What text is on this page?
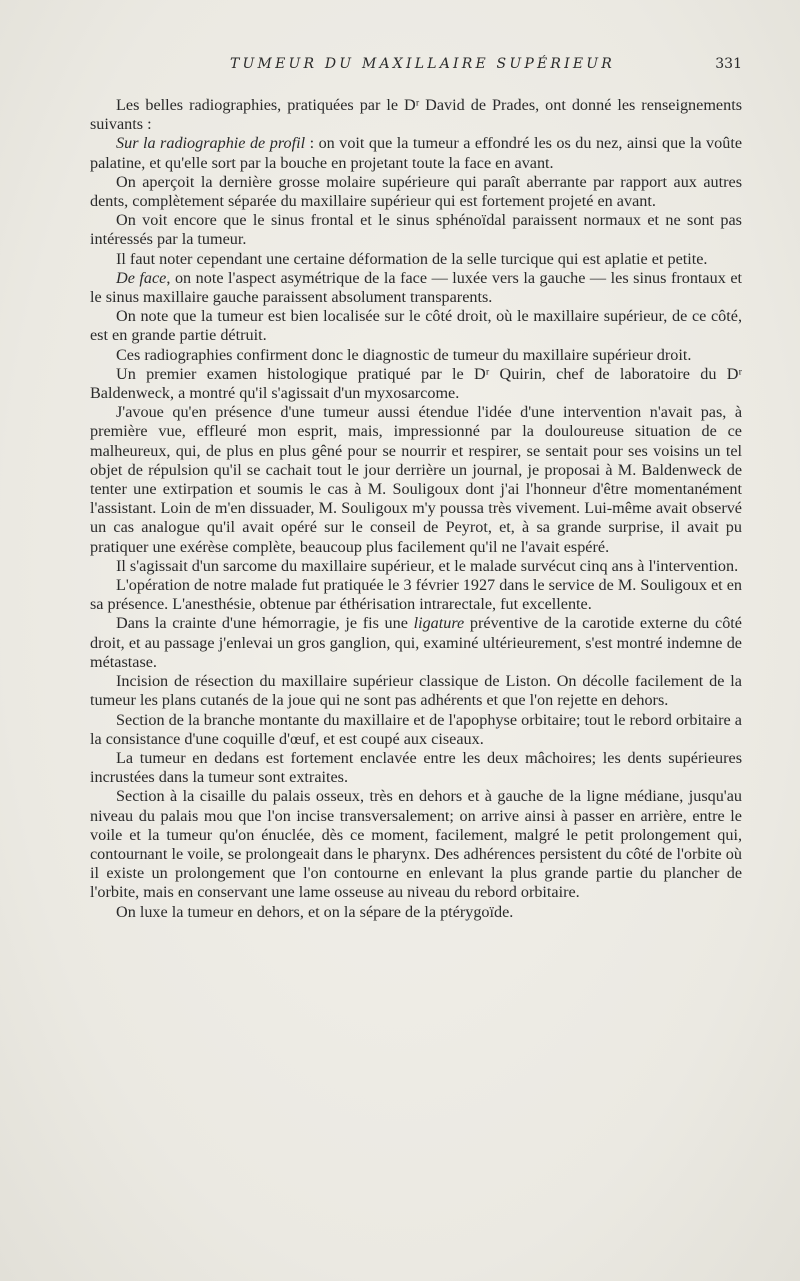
TUMEUR DU MAXILLAIRE SUPÉRIEUR	331

Les belles radiographies, pratiquées par le Dʳ David de Prades, ont donné les renseignements suivants :

Sur la radiographie de profil : on voit que la tumeur a effondré les os du nez, ainsi que la voûte palatine, et qu'elle sort par la bouche en projetant toute la face en avant.

On aperçoit la dernière grosse molaire supérieure qui paraît aberrante par rapport aux autres dents, complètement séparée du maxillaire supérieur qui est fortement projeté en avant.

On voit encore que le sinus frontal et le sinus sphénoïdal paraissent normaux et ne sont pas intéressés par la tumeur.

Il faut noter cependant une certaine déformation de la selle turcique qui est aplatie et petite.

De face, on note l'aspect asymétrique de la face — luxée vers la gauche — les sinus frontaux et le sinus maxillaire gauche paraissent absolument transparents.

On note que la tumeur est bien localisée sur le côté droit, où le maxillaire supérieur, de ce côté, est en grande partie détruit.

Ces radiographies confirment donc le diagnostic de tumeur du maxillaire supérieur droit.

Un premier examen histologique pratiqué par le Dʳ Quirin, chef de laboratoire du Dʳ Baldenweck, a montré qu'il s'agissait d'un myxosarcome.

J'avoue qu'en présence d'une tumeur aussi étendue l'idée d'une intervention n'avait pas, à première vue, effleuré mon esprit, mais, impressionné par la douloureuse situation de ce malheureux, qui, de plus en plus gêné pour se nourrir et respirer, se sentait pour ses voisins un tel objet de répulsion qu'il se cachait tout le jour derrière un journal, je proposai à M. Baldenweck de tenter une extirpation et soumis le cas à M. Souligoux dont j'ai l'honneur d'être momentanément l'assistant. Loin de m'en dissuader, M. Souligoux m'y poussa très vivement. Lui-même avait observé un cas analogue qu'il avait opéré sur le conseil de Peyrot, et, à sa grande surprise, il avait pu pratiquer une exérèse complète, beaucoup plus facilement qu'il ne l'avait espéré.

Il s'agissait d'un sarcome du maxillaire supérieur, et le malade survécut cinq ans à l'intervention.

L'opération de notre malade fut pratiquée le 3 février 1927 dans le service de M. Souligoux et en sa présence. L'anesthésie, obtenue par éthérisation intrarectale, fut excellente.

Dans la crainte d'une hémorragie, je fis une ligature préventive de la carotide externe du côté droit, et au passage j'enlevai un gros ganglion, qui, examiné ultérieurement, s'est montré indemne de métastase.

Incision de résection du maxillaire supérieur classique de Liston. On décolle facilement de la tumeur les plans cutanés de la joue qui ne sont pas adhérents et que l'on rejette en dehors.

Section de la branche montante du maxillaire et de l'apophyse orbitaire; tout le rebord orbitaire a la consistance d'une coquille d'œuf, et est coupé aux ciseaux.

La tumeur en dedans est fortement enclavée entre les deux mâchoires; les dents supérieures incrustées dans la tumeur sont extraites.

Section à la cisaille du palais osseux, très en dehors et à gauche de la ligne médiane, jusqu'au niveau du palais mou que l'on incise transversalement; on arrive ainsi à passer en arrière, entre le voile et la tumeur qu'on énuclée, dès ce moment, facilement, malgré le petit prolongement qui, contournant le voile, se prolongeait dans le pharynx. Des adhérences persistent du côté de l'orbite où il existe un prolongement que l'on contourne en enlevant la plus grande partie du plancher de l'orbite, mais en conservant une lame osseuse au niveau du rebord orbitaire.

On luxe la tumeur en dehors, et on la sépare de la ptérygoïde.
